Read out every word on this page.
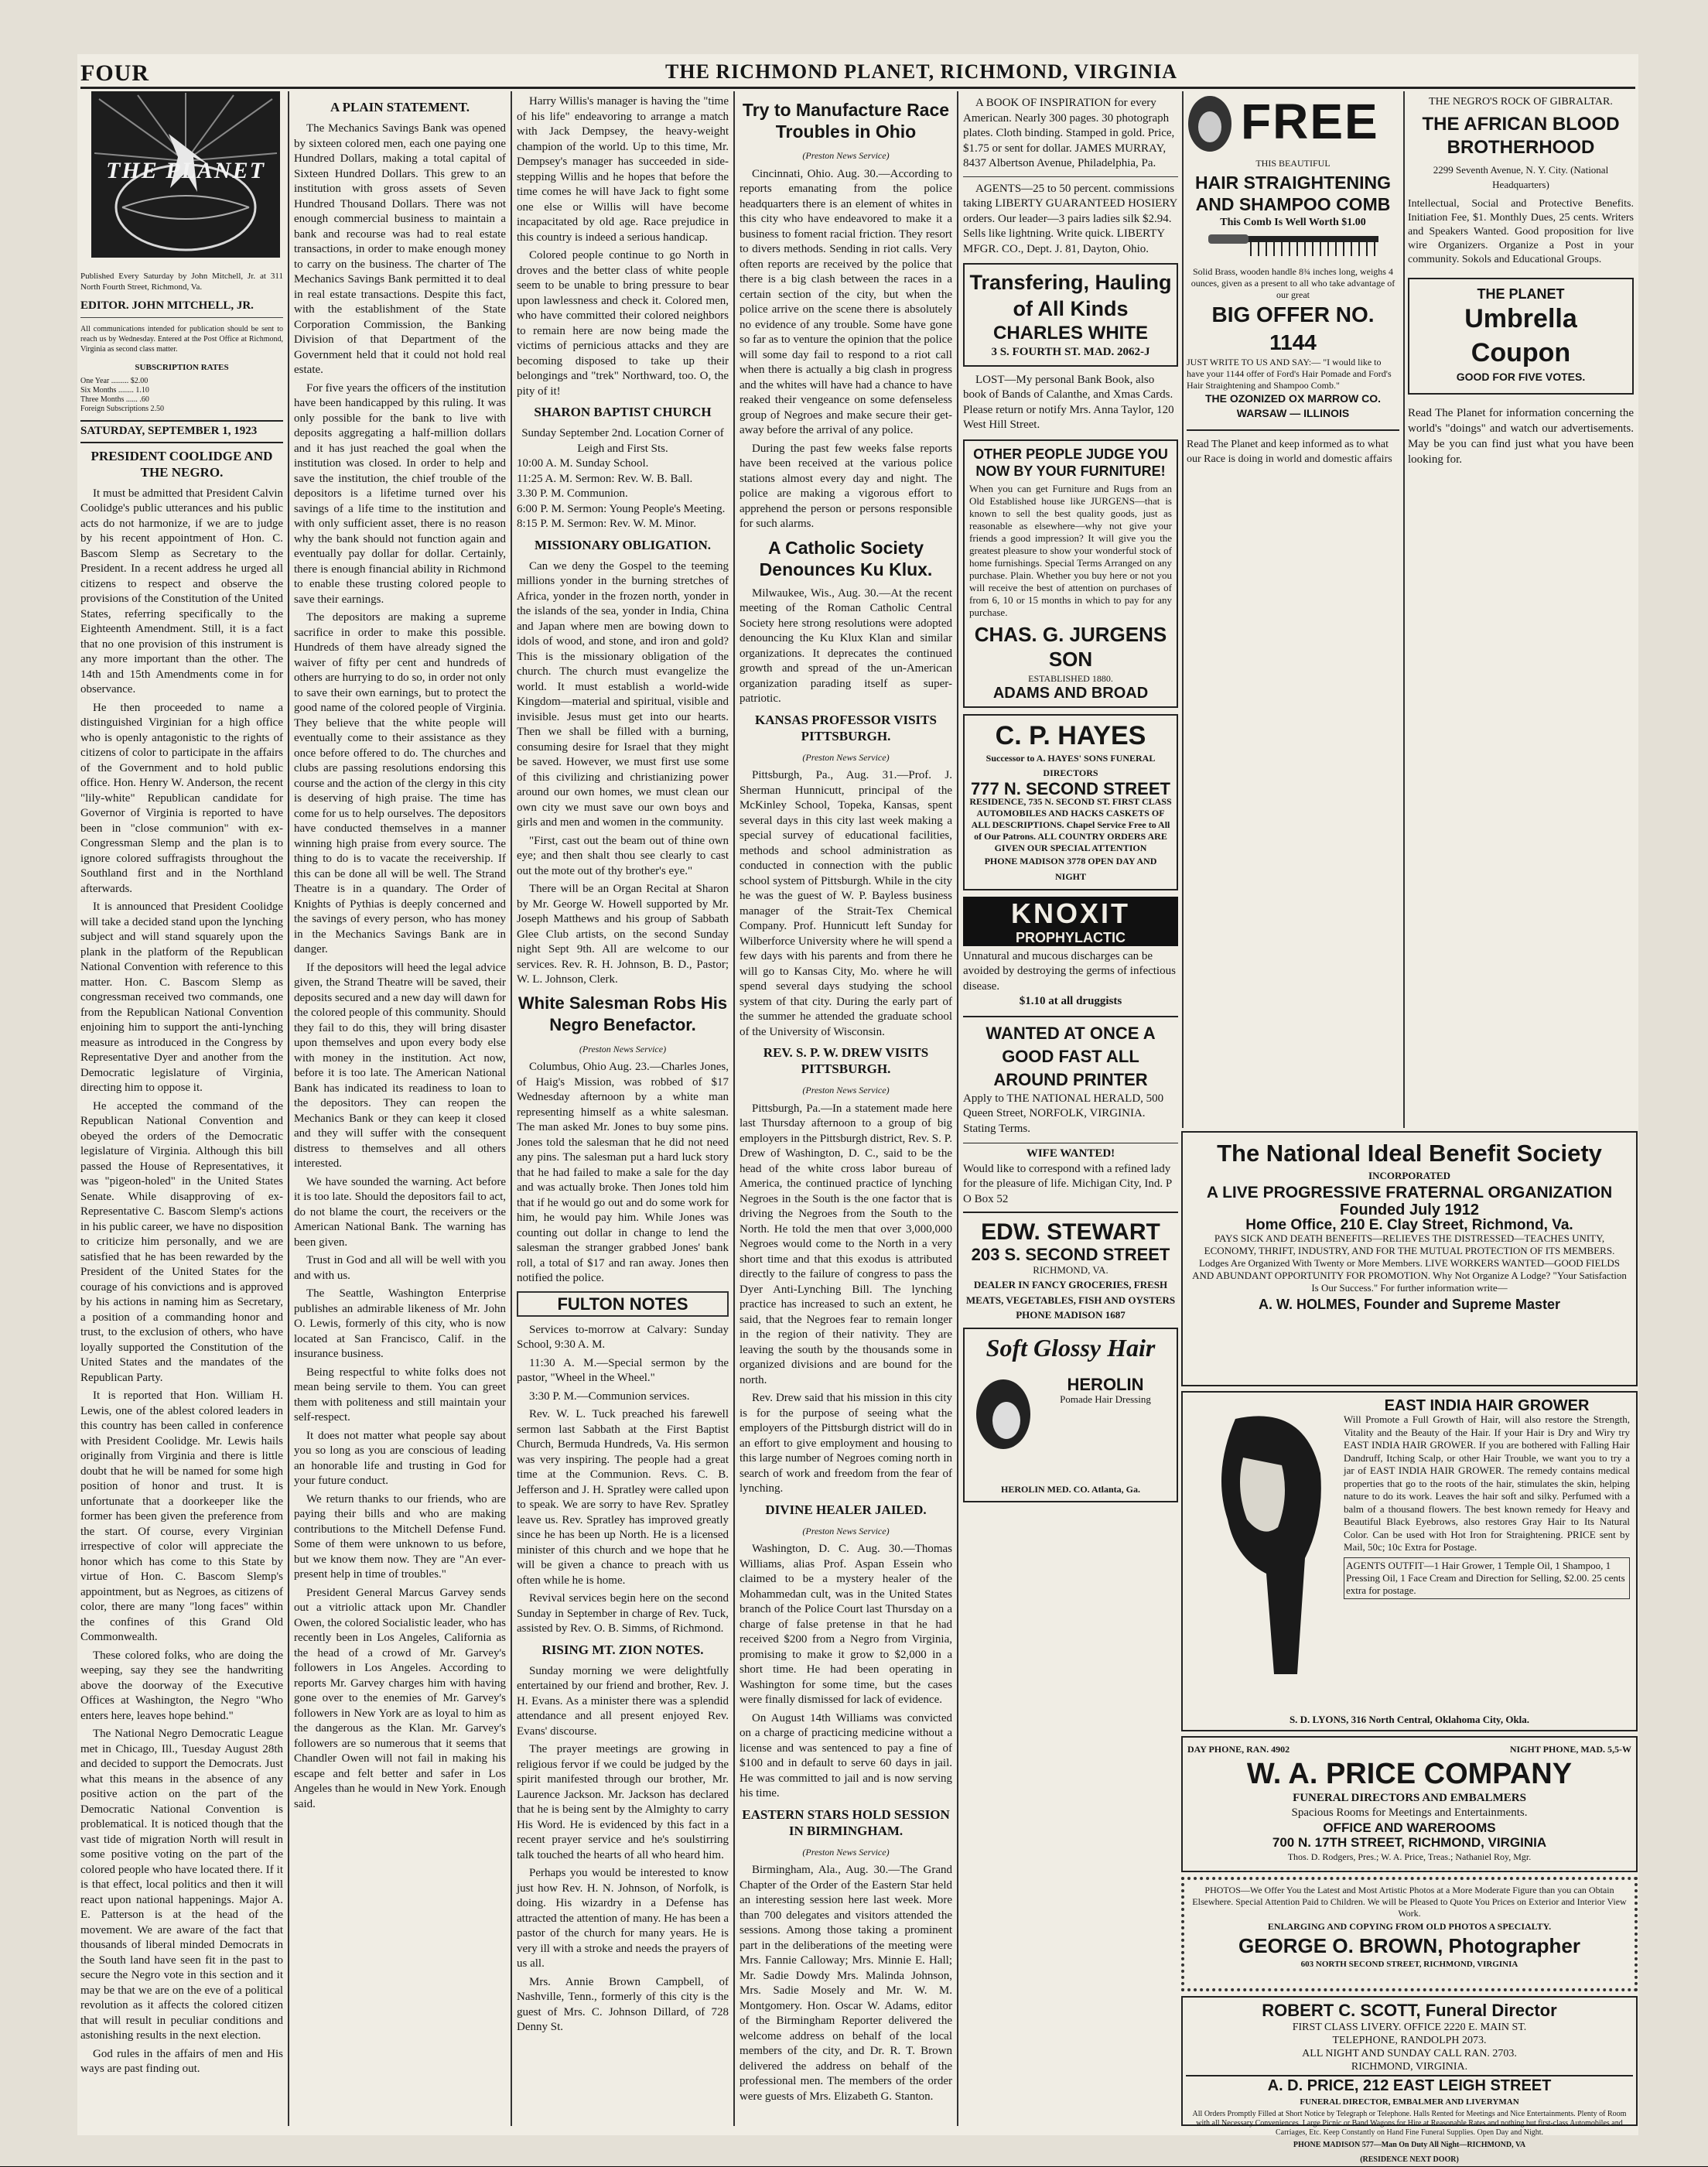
FOUR	THE RICHMOND PLANET, RICHMOND, VIRGINIA
THE PLANET
Published Every Saturday by John Mitchell, Jr. at 311 North Fourth Street, Richmond, Va.
EDITOR. JOHN MITCHELL, JR.
All communications intended for publication should be sent to reach us by Wednesday. Entered at the Post Office at Richmond, Virginia as second class matter.
SUBSCRIPTION RATES
One Year ......... $2.00
Six Months ........ 1.10
Three Months ...... .60
Foreign Subscriptions 2.50
SATURDAY, SEPTEMBER 1, 1923
PRESIDENT COOLIDGE AND THE NEGRO.

It must be admitted that President Calvin Coolidge's public utterances and his public acts do not harmonize, if we are to judge by his recent appointment of Hon. C. Bascom Slemp as Secretary to the President. In a recent address he urged all citizens to respect and observe the provisions of the Constitution of the United States, referring specifically to the Eighteenth Amendment. Still, it is a fact that no one provision of this instrument is any more important than the other. The 14th and 15th Amendments come in for observance.

He then proceeded to name a distinguished Virginian for a high office who is openly antagonistic to the rights of citizens of color to participate in the affairs of the Government and to hold public office. Hon. Henry W. Anderson, the recent "lily-white" Republican candidate for Governor of Virginia is reported to have been in "close communion" with ex-Congressman Slemp and the plan is to ignore colored suffragists throughout the Southland first and in the Northland afterwards.

It is announced that President Coolidge will take a decided stand upon the lynching subject and will stand squarely upon the plank in the platform of the Republican National Convention with reference to this matter. Hon. C. Bascom Slemp as congressman received two commands, one from the Republican National Convention enjoining him to support the anti-lynching measure as introduced in the Congress by Representative Dyer and another from the Democratic legislature of Virginia, directing him to oppose it.

He accepted the command of the Republican National Convention and obeyed the orders of the Democratic legislature of Virginia. Although this bill passed the House of Representatives, it was "pigeon-holed" in the United States Senate. While disapproving of ex-Representative C. Bascom Slemp's actions in his public career, we have no disposition to criticize him personally, and we are satisfied that he has been rewarded by the President of the United States for the courage of his convictions and is approved by his actions in naming him as Secretary, a position of a commanding honor and trust, to the exclusion of others, who have loyally supported the Constitution of the United States and the mandates of the Republican Party.

It is reported that Hon. William H. Lewis, one of the ablest colored leaders in this country has been called in conference with President Coolidge. Mr. Lewis hails originally from Virginia and there is little doubt that he will be named for some high position of honor and trust. It is unfortunate that a doorkeeper like the former has been given the preference from the start. Of course, every Virginian irrespective of color will appreciate the honor which has come to this State by virtue of Hon. C. Bascom Slemp's appointment, but as Negroes, as citizens of color, there are many "long faces" within the confines of this Grand Old Commonwealth.

These colored folks, who are doing the weeping, say they see the handwriting above the doorway of the Executive Offices at Washington, the Negro "Who enters here, leaves hope behind."

The National Negro Democratic League met in Chicago, Ill., Tuesday August 28th and decided to support the Democrats. Just what this means in the absence of any positive action on the part of the Democratic National Convention is problematical. It is noticed though that the vast tide of migration North will result in some positive voting on the part of the colored people who have located there. If it is that effect, local politics and then it will react upon national happenings. Major A. E. Patterson is at the head of the movement. We are aware of the fact that thousands of liberal minded Democrats in the South land have seen fit in the past to secure the Negro vote in this section and it may be that we are on the eve of a political revolution as it affects the colored citizen that will result in peculiar conditions and astonishing results in the next election.

God rules in the affairs of men and His ways are past finding out.

A PLAIN STATEMENT.

The Mechanics Savings Bank was opened by sixteen colored men, each one paying one Hundred Dollars, making a total capital of Sixteen Hundred Dollars. This grew to an institution with gross assets of Seven Hundred Thousand Dollars. There was not enough commercial business to maintain a bank and recourse was had to real estate transactions, in order to make enough money to carry on the business. The charter of The Mechanics Savings Bank permitted it to deal in real estate transactions. Despite this fact, with the establishment of the State Corporation Commission, the Banking Division of that Department of the Government held that it could not hold real estate.

For five years the officers of the institution have been handicapped by this ruling. It was only possible for the bank to live with deposits aggregating a half-million dollars and it has just reached the goal when the institution was closed. In order to help and save the institution, the chief trouble of the depositors is a lifetime turned over his savings of a life time to the institution and with only sufficient asset, there is no reason why the bank should not function again and eventually pay dollar for dollar. Certainly, there is enough financial ability in Richmond to enable these trusting colored people to save their earnings.

The depositors are making a supreme sacrifice in order to make this possible. Hundreds of them have already signed the waiver of fifty per cent and hundreds of others are hurrying to do so, in order not only to save their own earnings, but to protect the good name of the colored people of Virginia. They believe that the white people will eventually come to their assistance as they once before offered to do. The churches and clubs are passing resolutions endorsing this course and the action of the clergy in this city is deserving of high praise. The time has come for us to help ourselves. The depositors have conducted themselves in a manner winning high praise from every source. The thing to do is to vacate the receivership. If this can be done all will be well. The Strand Theatre is in a quandary. The Order of Knights of Pythias is deeply concerned and the savings of every person, who has money in the Mechanics Savings Bank are in danger.

If the depositors will heed the legal advice given, the Strand Theatre will be saved, their deposits secured and a new day will dawn for the colored people of this community. Should they fail to do this, they will bring disaster upon themselves and upon every body else with money in the institution. Act now, before it is too late. The American National Bank has indicated its readiness to loan to the depositors. They can reopen the Mechanics Bank or they can keep it closed and they will suffer with the consequent distress to themselves and all others interested.

We have sounded the warning. Act before it is too late. Should the depositors fail to act, do not blame the court, the receivers or the American National Bank. The warning has been given.

Trust in God and all will be well with you and with us.

The Seattle, Washington Enterprise publishes an admirable likeness of Mr. John O. Lewis, formerly of this city, who is now located at San Francisco, Calif. in the insurance business.

Being respectful to white folks does not mean being servile to them. You can greet them with politeness and still maintain your self-respect.

It does not matter what people say about you so long as you are conscious of leading an honorable life and trusting in God for your future conduct.

We return thanks to our friends, who are paying their bills and who are making contributions to the Mitchell Defense Fund. Some of them were unknown to us before, but we know them now. They are "An ever-present help in time of troubles."

President General Marcus Garvey sends out a vitriolic attack upon Mr. Chandler Owen, the colored Socialistic leader, who has recently been in Los Angeles, California as the head of a crowd of Mr. Garvey's followers in Los Angeles. According to reports Mr. Garvey charges him with having gone over to the enemies of Mr. Garvey's followers in New York are as loyal to him as the dangerous as the Klan. Mr. Garvey's followers are so numerous that it seems that Chandler Owen will not fail in making his escape and felt better and safer in Los Angeles than he would in New York. Enough said.

Harry Willis's manager is having the "time of his life" endeavoring to arrange a match with Jack Dempsey, the heavy-weight champion of the world. Up to this time, Mr. Dempsey's manager has succeeded in side-stepping Willis and he hopes that before the time comes he will have Jack to fight some one else or Willis will have become incapacitated by old age. Race prejudice in this country is indeed a serious handicap.

Colored people continue to go North in droves and the better class of white people seem to be unable to bring pressure to bear upon lawlessness and check it. Colored men, who have committed their colored neighbors to remain here are now being made the victims of pernicious attacks and they are becoming disposed to take up their belongings and "trek" Northward, too. O, the pity of it!

SHARON BAPTIST CHURCH
Sunday September 2nd. Location Corner of Leigh and First Sts.
10:00 A. M. Sunday School.
11:25 A. M. Sermon: Rev. W. B. Ball.
3.30 P. M. Communion.
6:00 P. M. Sermon: Young People's Meeting.
8:15 P. M. Sermon: Rev. W. M. Minor.
MISSIONARY OBLIGATION.

Can we deny the Gospel to the teeming millions yonder in the burning stretches of Africa, yonder in the frozen north, yonder in the islands of the sea, yonder in India, China and Japan where men are bowing down to idols of wood, and stone, and iron and gold? This is the missionary obligation of the church. The church must evangelize the world. It must establish a world-wide Kingdom—material and spiritual, visible and invisible. Jesus must get into our hearts. Then we shall be filled with a burning, consuming desire for Israel that they might be saved. However, we must first use some of this civilizing and christianizing power around our own homes, we must clean our own city we must save our own boys and girls and men and women in the community.

"First, cast out the beam out of thine own eye; and then shalt thou see clearly to cast out the mote out of thy brother's eye."

There will be an Organ Recital at Sharon by Mr. George W. Howell supported by Mr. Joseph Matthews and his group of Sabbath Glee Club artists, on the second Sunday night Sept 9th. All are welcome to our services. Rev. R. H. Johnson, B. D., Pastor; W. L. Johnson, Clerk.

White Salesman Robs His Negro Benefactor.
(Preston News Service)

Columbus, Ohio Aug. 23.—Charles Jones, of Haig's Mission, was robbed of $17 Wednesday afternoon by a white man representing himself as a white salesman. The man asked Mr. Jones to buy some pins. Jones told the salesman that he did not need any pins. The salesman put a hard luck story that he had failed to make a sale for the day and was actually broke. Then Jones told him that if he would go out and do some work for him, he would pay him. While Jones was counting out dollar in change to lend the salesman the stranger grabbed Jones' bank roll, a total of $17 and ran away. Jones then notified the police.

FULTON NOTES

Services to-morrow at Calvary: Sunday School, 9:30 A. M.

11:30 A. M.—Special sermon by the pastor, "Wheel in the Wheel."

3:30 P. M.—Communion services.

Rev. W. L. Tuck preached his farewell sermon last Sabbath at the First Baptist Church, Bermuda Hundreds, Va. His sermon was very inspiring. The people had a great time at the Communion. Revs. C. B. Jefferson and J. H. Spratley were called upon to speak. We are sorry to have Rev. Spratley leave us. Rev. Spratley has improved greatly since he has been up North. He is a licensed minister of this church and we hope that he will be given a chance to preach with us often while he is home.

Revival services begin here on the second Sunday in September in charge of Rev. Tuck, assisted by Rev. O. B. Simms, of Richmond.

RISING MT. ZION NOTES.

Sunday morning we were delightfully entertained by our friend and brother, Rev. J. H. Evans. As a minister there was a splendid attendance and all present enjoyed Rev. Evans' discourse.

The prayer meetings are growing in religious fervor if we could be judged by the spirit manifested through our brother, Mr. Laurence Jackson. Mr. Jackson has declared that he is being sent by the Almighty to carry His Word. He is evidenced by this fact in a recent prayer service and he's soulstirring talk touched the hearts of all who heard him.

Perhaps you would be interested to know just how Rev. H. N. Johnson, of Norfolk, is doing. His wizardry in a Defense has attracted the attention of many. He has been a pastor of the church for many years. He is very ill with a stroke and needs the prayers of us all.

Mrs. Annie Brown Campbell, of Nashville, Tenn., formerly of this city is the guest of Mrs. C. Johnson Dillard, of 728 Denny St.

Try to Manufacture Race Troubles in Ohio
(Preston News Service)

Cincinnati, Ohio. Aug. 30.—According to reports emanating from the police headquarters there is an element of whites in this city who have endeavored to make it a business to foment racial friction. They resort to divers methods. Sending in riot calls. Very often reports are received by the police that there is a big clash between the races in a certain section of the city, but when the police arrive on the scene there is absolutely no evidence of any trouble. Some have gone so far as to venture the opinion that the police will some day fail to respond to a riot call when there is actually a big clash in progress and the whites will have had a chance to have reaked their vengeance on some defenseless group of Negroes and make secure their get-away before the arrival of any police.

During the past few weeks false reports have been received at the various police stations almost every day and night. The police are making a vigorous effort to apprehend the person or persons responsible for such alarms.

A Catholic Society Denounces Ku Klux.

Milwaukee, Wis., Aug. 30.—At the recent meeting of the Roman Catholic Central Society here strong resolutions were adopted denouncing the Ku Klux Klan and similar organizations. It deprecates the continued growth and spread of the un-American organization parading itself as super-patriotic.

KANSAS PROFESSOR VISITS PITTSBURGH.
(Preston News Service)

Pittsburgh, Pa., Aug. 31.—Prof. J. Sherman Hunnicutt, principal of the McKinley School, Topeka, Kansas, spent several days in this city last week making a special survey of educational facilities, methods and school administration as conducted in connection with the public school system of Pittsburgh. While in the city he was the guest of W. P. Bayless business manager of the Strait-Tex Chemical Company. Prof. Hunnicutt left Sunday for Wilberforce University where he will spend a few days with his parents and from there he will go to Kansas City, Mo. where he will spend several days studying the school system of that city. During the early part of the summer he attended the graduate school of the University of Wisconsin.

REV. S. P. W. DREW VISITS PITTSBURGH.
(Preston News Service)

Pittsburgh, Pa.—In a statement made here last Thursday afternoon to a group of big employers in the Pittsburgh district, Rev. S. P. Drew of Washington, D. C., said to be the head of the white cross labor bureau of America, the continued practice of lynching Negroes in the South is the one factor that is driving the Negroes from the South to the North. He told the men that over 3,000,000 Negroes would come to the North in a very short time and that this exodus is attributed directly to the failure of congress to pass the Dyer Anti-Lynching Bill. The lynching practice has increased to such an extent, he said, that the Negroes fear to remain longer in the region of their nativity. They are leaving the south by the thousands some in organized divisions and are bound for the north.

Rev. Drew said that his mission in this city is for the purpose of seeing what the employers of the Pittsburgh district will do in an effort to give employment and housing to this large number of Negroes coming north in search of work and freedom from the fear of lynching.

DIVINE HEALER JAILED.
(Preston News Service)

Washington, D. C. Aug. 30.—Thomas Williams, alias Prof. Aspan Essein who claimed to be a mystery healer of the Mohammedan cult, was in the United States branch of the Police Court last Thursday on a charge of false pretense in that he had received $200 from a Negro from Virginia, promising to make it grow to $2,000 in a short time. He had been operating in Washington for some time, but the cases were finally dismissed for lack of evidence.

On August 14th Williams was convicted on a charge of practicing medicine without a license and was sentenced to pay a fine of $100 and in default to serve 60 days in jail. He was committed to jail and is now serving his time.

EASTERN STARS HOLD SESSION IN BIRMINGHAM.
(Preston News Service)

Birmingham, Ala., Aug. 30.—The Grand Chapter of the Order of the Eastern Star held an interesting session here last week. More than 700 delegates and visitors attended the sessions. Among those taking a prominent part in the deliberations of the meeting were Mrs. Fannie Calloway; Mrs. Minnie E. Hall; Mr. Sadie Dowdy Mrs. Malinda Johnson, Mrs. Sadie Mosely and Mr. W. M. Montgomery. Hon. Oscar W. Adams, editor of the Birmingham Reporter delivered the welcome address on behalf of the local members of the city, and Dr. R. T. Brown delivered the address on behalf of the professional men. The members of the order were guests of Mrs. Elizabeth G. Stanton.

A BOOK OF INSPIRATION for every American. Nearly 300 pages. 30 photograph plates. Cloth binding. Stamped in gold. Price, $1.75 or sent for dollar. JAMES MURRAY, 8437 Albertson Avenue, Philadelphia, Pa.

AGENTS—25 to 50 percent. commissions taking LIBERTY GUARANTEED HOSIERY orders. Our leader—3 pairs ladies silk $2.94. Sells like lightning. Write quick. LIBERTY MFGR. CO., Dept. J. 81, Dayton, Ohio.

Transfering, Hauling of All Kinds
CHARLES WHITE
3 S. FOURTH ST. MAD. 2062-J

LOST—My personal Bank Book, also book of Bands of Calanthe, and Xmas Cards. Please return or notify Mrs. Anna Taylor, 120 West Hill Street.

OTHER PEOPLE JUDGE YOU NOW BY YOUR FURNITURE!
When you can get Furniture and Rugs from an Old Established house like JURGENS—that is known to sell the best quality goods, just as reasonable as elsewhere—why not give your friends a good impression? It will give you the greatest pleasure to show your wonderful stock of home furnishings. Special Terms Arranged on any purchase. Plain. Whether you buy here or not you will receive the best of attention on purchases of from 6, 10 or 15 months in which to pay for any purchase.
CHAS. G. JURGENS SON
ESTABLISHED 1880.
ADAMS AND BROAD
C. P. HAYES
Successor to A. HAYES' SONS FUNERAL DIRECTORS
777 N. SECOND STREET
RESIDENCE, 735 N. SECOND ST. FIRST CLASS AUTOMOBILES AND HACKS CASKETS OF ALL DESCRIPTIONS. Chapel Service Free to All of Our Patrons. ALL COUNTRY ORDERS ARE GIVEN OUR SPECIAL ATTENTION
PHONE MADISON 3778 OPEN DAY AND NIGHT
KNOXIT
PROPHYLACTIC
Unnatural and mucous discharges can be avoided by destroying the germs of infectious disease.
$1.10 at all druggists
WANTED AT ONCE A GOOD FAST ALL AROUND PRINTER
Apply to THE NATIONAL HERALD, 500 Queen Street, NORFOLK, VIRGINIA. Stating Terms.
WIFE WANTED!
Would like to correspond with a refined lady for the pleasure of life. Michigan City, Ind. P O Box 52
EDW. STEWART
203 S. SECOND STREET
RICHMOND, VA.
DEALER IN FANCY GROCERIES, FRESH MEATS, VEGETABLES, FISH AND OYSTERS
PHONE MADISON 1687
Soft Glossy Hair
HEROLIN
Pomade Hair Dressing
HEROLIN MED. CO. Atlanta, Ga.
FREE
THIS BEAUTIFUL
HAIR STRAIGHTENING AND SHAMPOO COMB
This Comb Is Well Worth $1.00
Solid Brass, wooden handle 8¾ inches long, weighs 4 ounces, given as a present to all who take advantage of our great
BIG OFFER NO. 1144
JUST WRITE TO US AND SAY:— "I would like to have your 1144 offer of Ford's Hair Pomade and Ford's Hair Straightening and Shampoo Comb."
THE OZONIZED OX MARROW CO.
WARSAW — ILLINOIS
Read The Planet and keep informed as to what our Race is doing in world and domestic affairs
THE NEGRO'S ROCK OF GIBRALTAR.
THE AFRICAN BLOOD BROTHERHOOD
2299 Seventh Avenue, N. Y. City. (National Headquarters)
Intellectual, Social and Protective Benefits. Initiation Fee, $1. Monthly Dues, 25 cents. Writers and Speakers Wanted. Good proposition for live wire Organizers. Organize a Post in your community. Sokols and Educational Groups.
THE PLANET
Umbrella Coupon
GOOD FOR FIVE VOTES.
Read The Planet for information concerning the world's "doings" and watch our advertisements. May be you can find just what you have been looking for.
The National Ideal Benefit Society
INCORPORATED
A LIVE PROGRESSIVE FRATERNAL ORGANIZATION
Founded July 1912
Home Office, 210 E. Clay Street, Richmond, Va.
PAYS SICK AND DEATH BENEFITS—RELIEVES THE DISTRESSED—TEACHES UNITY, ECONOMY, THRIFT, INDUSTRY, AND FOR THE MUTUAL PROTECTION OF ITS MEMBERS. Lodges Are Organized With Twenty or More Members. LIVE WORKERS WANTED—GOOD FIELDS AND ABUNDANT OPPORTUNITY FOR PROMOTION. Why Not Organize A Lodge? "Your Satisfaction Is Our Success." For further information write—
A. W. HOLMES, Founder and Supreme Master
EAST INDIA HAIR GROWER
Will Promote a Full Growth of Hair, will also restore the Strength, Vitality and the Beauty of the Hair. If your Hair is Dry and Wiry try EAST INDIA HAIR GROWER. If you are bothered with Falling Hair Dandruff, Itching Scalp, or other Hair Trouble, we want you to try a jar of EAST INDIA HAIR GROWER. The remedy contains medical properties that go to the roots of the hair, stimulates the skin, helping nature to do its work. Leaves the hair soft and silky. Perfumed with a balm of a thousand flowers. The best known remedy for Heavy and Beautiful Black Eyebrows, also restores Gray Hair to Its Natural Color. Can be used with Hot Iron for Straightening. PRICE sent by Mail, 50c; 10c Extra for Postage.
AGENTS OUTFIT—1 Hair Grower, 1 Temple Oil, 1 Shampoo, 1 Pressing Oil, 1 Face Cream and Direction for Selling, $2.00. 25 cents extra for postage.
S. D. LYONS, 316 North Central, Oklahoma City, Okla.
DAY PHONE, RAN. 4902	NIGHT PHONE, MAD. 5,5-W
W. A. PRICE COMPANY
FUNERAL DIRECTORS AND EMBALMERS
Spacious Rooms for Meetings and Entertainments.
OFFICE AND WAREROOMS
700 N. 17TH STREET, RICHMOND, VIRGINIA
Thos. D. Rodgers, Pres.; W. A. Price, Treas.; Nathaniel Roy, Mgr.
PHOTOS—We Offer You the Latest and Most Artistic Photos at a More Moderate Figure than you can Obtain Elsewhere. Special Attention Paid to Children. We will be Pleased to Quote You Prices on Exterior and Interior View Work.
ENLARGING AND COPYING FROM OLD PHOTOS A SPECIALTY.
GEORGE O. BROWN, Photographer
603 NORTH SECOND STREET, RICHMOND, VIRGINIA
ROBERT C. SCOTT, Funeral Director
FIRST CLASS LIVERY. OFFICE 2220 E. MAIN ST.
TELEPHONE, RANDOLPH 2073.
ALL NIGHT AND SUNDAY CALL RAN. 2703.
RICHMOND, VIRGINIA.
A. D. PRICE, 212 EAST LEIGH STREET
FUNERAL DIRECTOR, EMBALMER AND LIVERYMAN
All Orders Promptly Filled at Short Notice by Telegraph or Telephone. Halls Rented for Meetings and Nice Entertainments. Plenty of Room with all Necessary Conveniences. Large Picnic or Band Wagons for Hire at Reasonable Rates and nothing but first-class Automobiles and Carriages, Etc. Keep Constantly on Hand Fine Funeral Supplies. Open Day and Night.
PHONE MADISON 577—Man On Duty All Night—RICHMOND, VA
(RESIDENCE NEXT DOOR)
